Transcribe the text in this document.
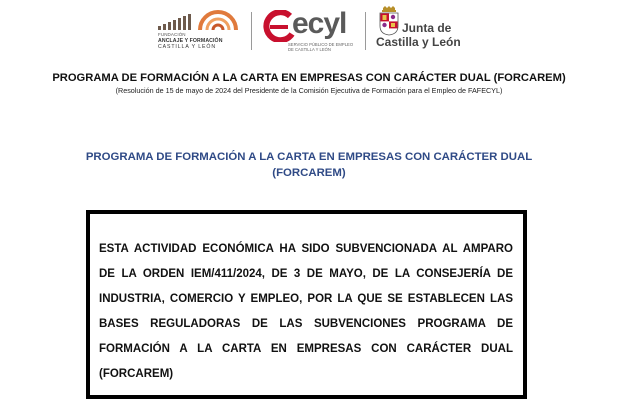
FUNDACIÓN
ANCLAJE Y FORMACIÓN
CASTILLA Y LEÓN
ecyl
SERVICIO PÚBLICO DE EMPLEO DE CASTILLA Y LEÓN
Junta de
Castilla y León
PROGRAMA DE FORMACIÓN A LA CARTA EN EMPRESAS CON CARÁCTER DUAL (FORCAREM)
(Resolución de 15 de mayo de 2024 del Presidente de la Comisión Ejecutiva de Formación para el Empleo de FAFECYL)
PROGRAMA DE FORMACIÓN A LA CARTA EN EMPRESAS CON CARÁCTER DUAL (FORCAREM)
ESTA ACTIVIDAD ECONÓMICA HA SIDO SUBVENCIONADA AL AMPARO DE LA ORDEN IEM/411/2024, DE 3 DE MAYO, DE LA CONSEJERÍA DE INDUSTRIA, COMERCIO Y EMPLEO, POR LA QUE SE ESTABLECEN LAS BASES REGULADORAS DE LAS SUBVENCIONES PROGRAMA DE FORMACIÓN A LA CARTA EN EMPRESAS CON CARÁCTER DUAL (FORCAREM)
